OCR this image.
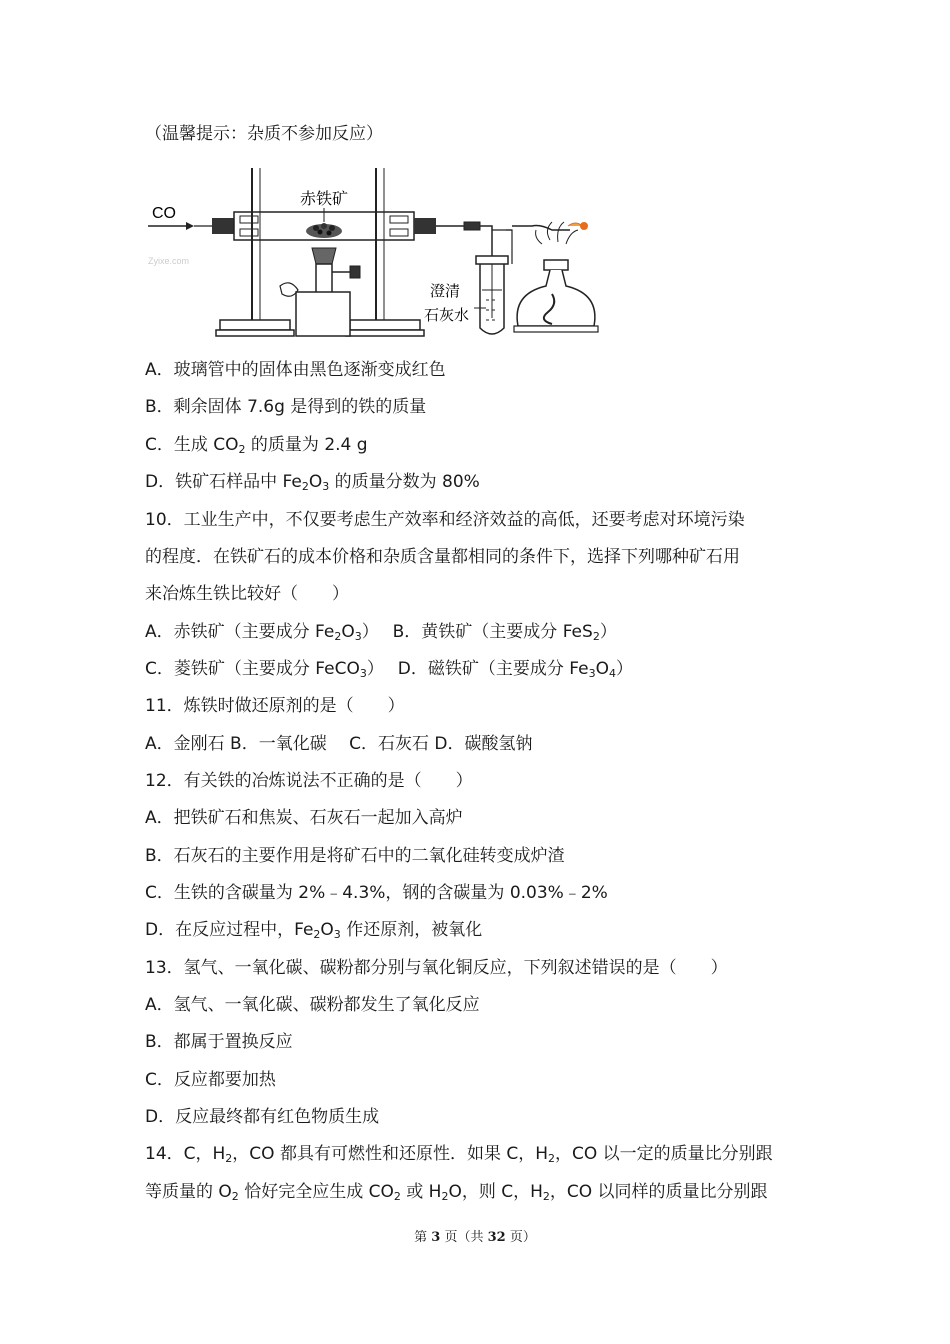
（温馨提示：杂质不参加反应）
CO
赤铁矿
澄清
石灰水
Zyixe.com
A．玻璃管中的固体由黑色逐渐变成红色
B．剩余固体 7.6g 是得到的铁的质量
C．生成 $CO_2$ 的质量为 2.4 g
D．铁矿石样品中 $Fe_2O_3$ 的质量分数为 80%
10．工业生产中，不仅要考虑生产效率和经济效益的高低，还要考虑对环境污染
的程度．在铁矿石的成本价格和杂质含量都相同的条件下，选择下列哪种矿石用
来冶炼生铁比较好（　　）
A．赤铁矿（主要成分 $Fe_2O_3$）　 B．黄铁矿（主要成分 FeS$_2$）
C．菱铁矿（主要成分 FeCO$_3$）　 D．磁铁矿（主要成分 $Fe_3O_4$）
11．炼铁时做还原剂的是（　　）
A．金刚石 B．一氧化碳　 C．石灰石 D．碳酸氢钠
12．有关铁的冶炼说法不正确的是（　　）
A．把铁矿石和焦炭、石灰石一起加入高炉
B．石灰石的主要作用是将矿石中的二氧化硅转变成炉渣
C．生铁的含碳量为 2%﹣4.3%，钢的含碳量为 0.03%﹣2%
D．在反应过程中，$Fe_2O_3$ 作还原剂，被氧化
13．氢气、一氧化碳、碳粉都分别与氧化铜反应，下列叙述错误的是（　　）
A．氢气、一氧化碳、碳粉都发生了氧化反应
B．都属于置换反应
C．反应都要加热
D．反应最终都有红色物质生成
14．C，$H_2$，CO 都具有可燃性和还原性．如果 C，$H_2$，CO 以一定的质量比分别跟
等质量的 $O_2$ 恰好完全应生成 $CO_2$ 或 $H_2O$，则 C，$H_2$，CO 以同样的质量比分别跟
第 3 页（共 32 页）
